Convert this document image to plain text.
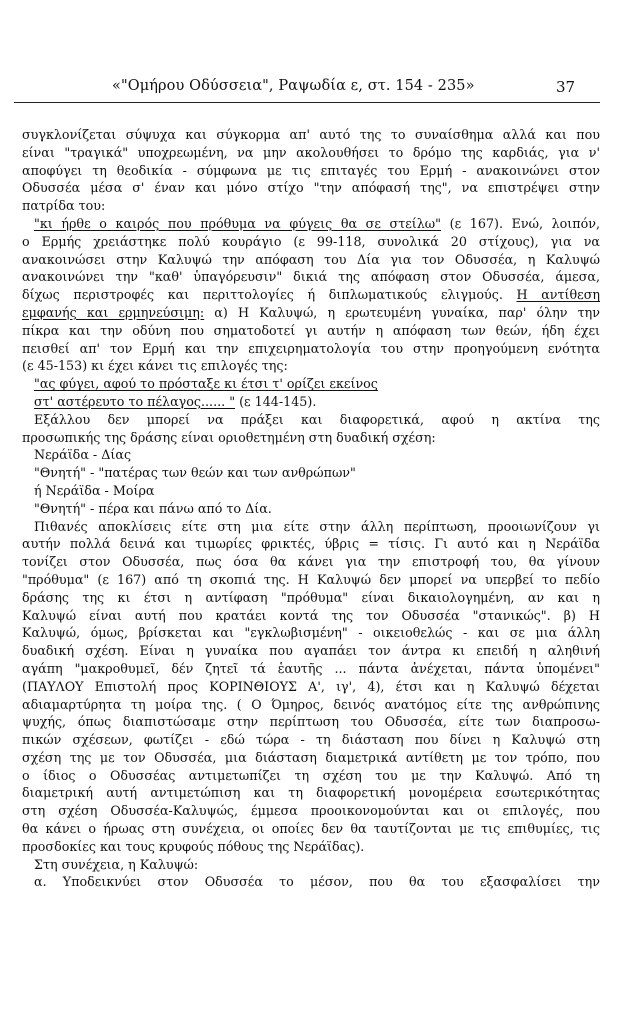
«"Ομήρου Οδύσσεια", Ραψωδία ε, στ. 154 - 235»	37
συγκλονίζεται σύψυχα και σύγκορμα απ' αυτό της το συναίσθημα αλλά και που
είναι "τραγικά" υποχρεωμένη, να μην ακολουθήσει το δρόμο της καρδιάς, για ν'
αποφύγει τη θεοδικία - σύμφωνα με τις επιταγές του Ερμή - ανακοινώνει στον
Οδυσσέα μέσα σ' έναν και μόνο στίχο "την απόφασή της", να επιστρέψει στην
πατρίδα του:
"κι ήρθε ο καιρός που πρόθυμα να φύγεις θα σε στείλω" (ε 167). Ενώ, λοιπόν,
ο Ερμής χρειάστηκε πολύ κουράγιο (ε 99-118, συνολικά 20 στίχους), για να
ανακοινώσει στην Καλυψώ την απόφαση του Δία για τον Οδυσσέα, η Καλυψώ
ανακοινώνει την "καθ' ὑπαγόρευσιν" δικιά της απόφαση στον Οδυσσέα, άμεσα,
δίχως περιστροφές και περιττολογίες ή διπλωματικούς ελιγμούς. Η αντίθεση
εμφανής και ερμηνεύσιμη: α) Η Καλυψώ, η ερωτευμένη γυναίκα, παρ' όλην την
πίκρα και την οδύνη που σηματοδοτεί γι αυτήν η απόφαση των θεών, ήδη έχει
πεισθεί απ' τον Ερμή και την επιχειρηματολογία του στην προηγούμενη ενότητα
(ε 45-153) κι έχει κάνει τις επιλογές της:
"ας φύγει, αφού το πρόσταξε κι έτσι τ' ορίζει εκείνος
στ' αστέρευτο το πέλαγος...... " (ε 144-145).
Εξάλλου δεν μπορεί να πράξει και διαφορετικά, αφού η ακτίνα της
προσωπικής της δράσης είναι οριοθετημένη στη δυαδική σχέση:
Νεράϊδα - Δίας
"Θνητή" - "πατέρας των θεών και των ανθρώπων"
ή Νεράϊδα - Μοίρα
"Θνητή" - πέρα και πάνω από το Δία.
Πιθανές αποκλίσεις είτε στη μια είτε στην άλλη περίπτωση, προοιωνίζουν γι
αυτήν πολλά δεινά και τιμωρίες φρικτές, ύβρις = τίσις. Γι αυτό και η Νεράϊδα
τονίζει στον Οδυσσέα, πως όσα θα κάνει για την επιστροφή του, θα γίνουν
"πρόθυμα" (ε 167) από τη σκοπιά της. Η Καλυψώ δεν μπορεί να υπερβεί το πεδίο
δράσης της κι έτσι η αντίφαση "πρόθυμα" είναι δικαιολογημένη, αν και η
Καλυψώ είναι αυτή που κρατάει κοντά της τον Οδυσσέα "στανικώς". β) Η
Καλυψώ, όμως, βρίσκεται και "εγκλωβισμένη" - οικειοθελώς - και σε μια άλλη
δυαδική σχέση. Είναι η γυναίκα που αγαπάει τον άντρα κι επειδή η αληθινή
αγάπη "μακροθυμεῖ, δέν ζητεῖ τά ἑαυτῆς ... πάντα ἀνέχεται, πάντα ὑπομένει"
(ΠΑΥΛΟΥ Επιστολή προς ΚΟΡΙΝΘΙΟΥΣ Α', ιγ', 4), έτσι και η Καλυψώ δέχεται
αδιαμαρτύρητα τη μοίρα της. ( Ο Όμηρος, δεινός ανατόμος είτε της ανθρώπινης
ψυχής, όπως διαπιστώσαμε στην περίπτωση του Οδυσσέα, είτε των διαπροσω-
πικών σχέσεων, φωτίζει - εδώ τώρα - τη διάσταση που δίνει η Καλυψώ στη
σχέση της με τον Οδυσσέα, μια διάσταση διαμετρικά αντίθετη με τον τρόπο, που
ο ίδιος ο Οδυσσέας αντιμετωπίζει τη σχέση του με την Καλυψώ. Από τη
διαμετρική αυτή αντιμετώπιση και τη διαφορετική μονομέρεια εσωτερικότητας
στη σχέση Οδυσσέα-Καλυψώς, έμμεσα προοικονομούνται και οι επιλογές, που
θα κάνει ο ήρωας στη συνέχεια, οι οποίες δεν θα ταυτίζονται με τις επιθυμίες, τις
προσδοκίες και τους κρυφούς πόθους της Νεράϊδας).
Στη συνέχεια, η Καλυψώ:
α. Υποδεικνύει στον Οδυσσέα το μέσον, που θα του εξασφαλίσει την
